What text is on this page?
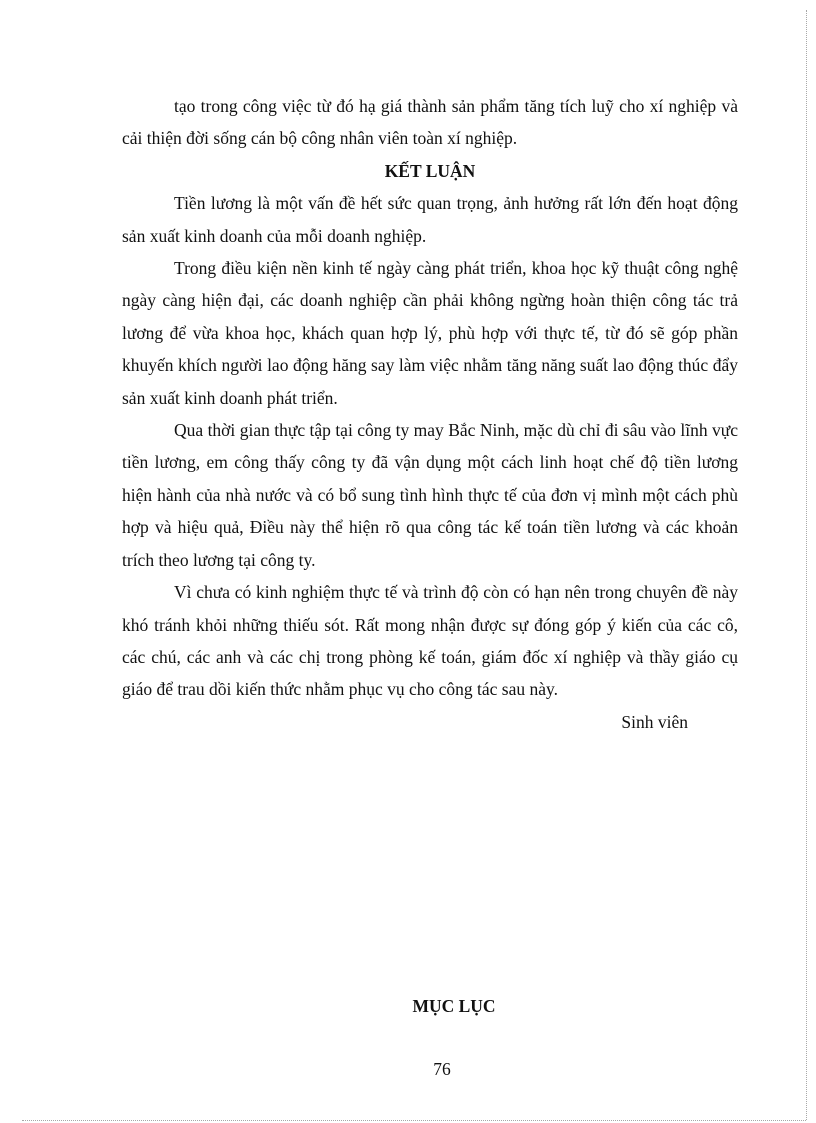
tạo trong công việc từ đó hạ giá thành sản phẩm tăng tích luỹ cho xí nghiệp và cải thiện đời sống cán bộ công nhân viên toàn xí nghiệp.

KẾT LUẬN

Tiền lương là một vấn đề hết sức quan trọng, ảnh hưởng rất lớn đến hoạt động sản xuất kinh doanh của mỗi doanh nghiệp.

Trong điều kiện nền kinh tế ngày càng phát triển, khoa học kỹ thuật công nghệ ngày càng hiện đại, các doanh nghiệp cần phải không ngừng hoàn thiện công tác trả lương để vừa khoa học, khách quan hợp lý, phù hợp với thực tế, từ đó sẽ góp phần khuyến khích người lao động hăng say làm việc nhằm tăng năng suất lao động thúc đẩy sản xuất kinh doanh phát triển.

Qua thời gian thực tập tại công ty may Bắc Ninh, mặc dù chỉ đi sâu vào lĩnh vực tiền lương, em công thấy công ty đã vận dụng một cách linh hoạt chế độ tiền lương hiện hành của nhà nước và có bổ sung tình hình thực tế của đơn vị mình một cách phù hợp và hiệu quả, Điều này thể hiện rõ qua công tác kế toán tiền lương và các khoản trích theo lương tại công ty.

Vì chưa có kinh nghiệm thực tế và trình độ còn có hạn nên trong chuyên đề này khó tránh khỏi những thiếu sót. Rất mong nhận được sự đóng góp ý kiến của các cô, các chú, các anh và các chị trong phòng kế toán, giám đốc xí nghiệp và thầy giáo cụ giáo để trau dồi kiến thức nhằm phục vụ cho công tác sau này.

Sinh viên

MỤC LỤC
76
